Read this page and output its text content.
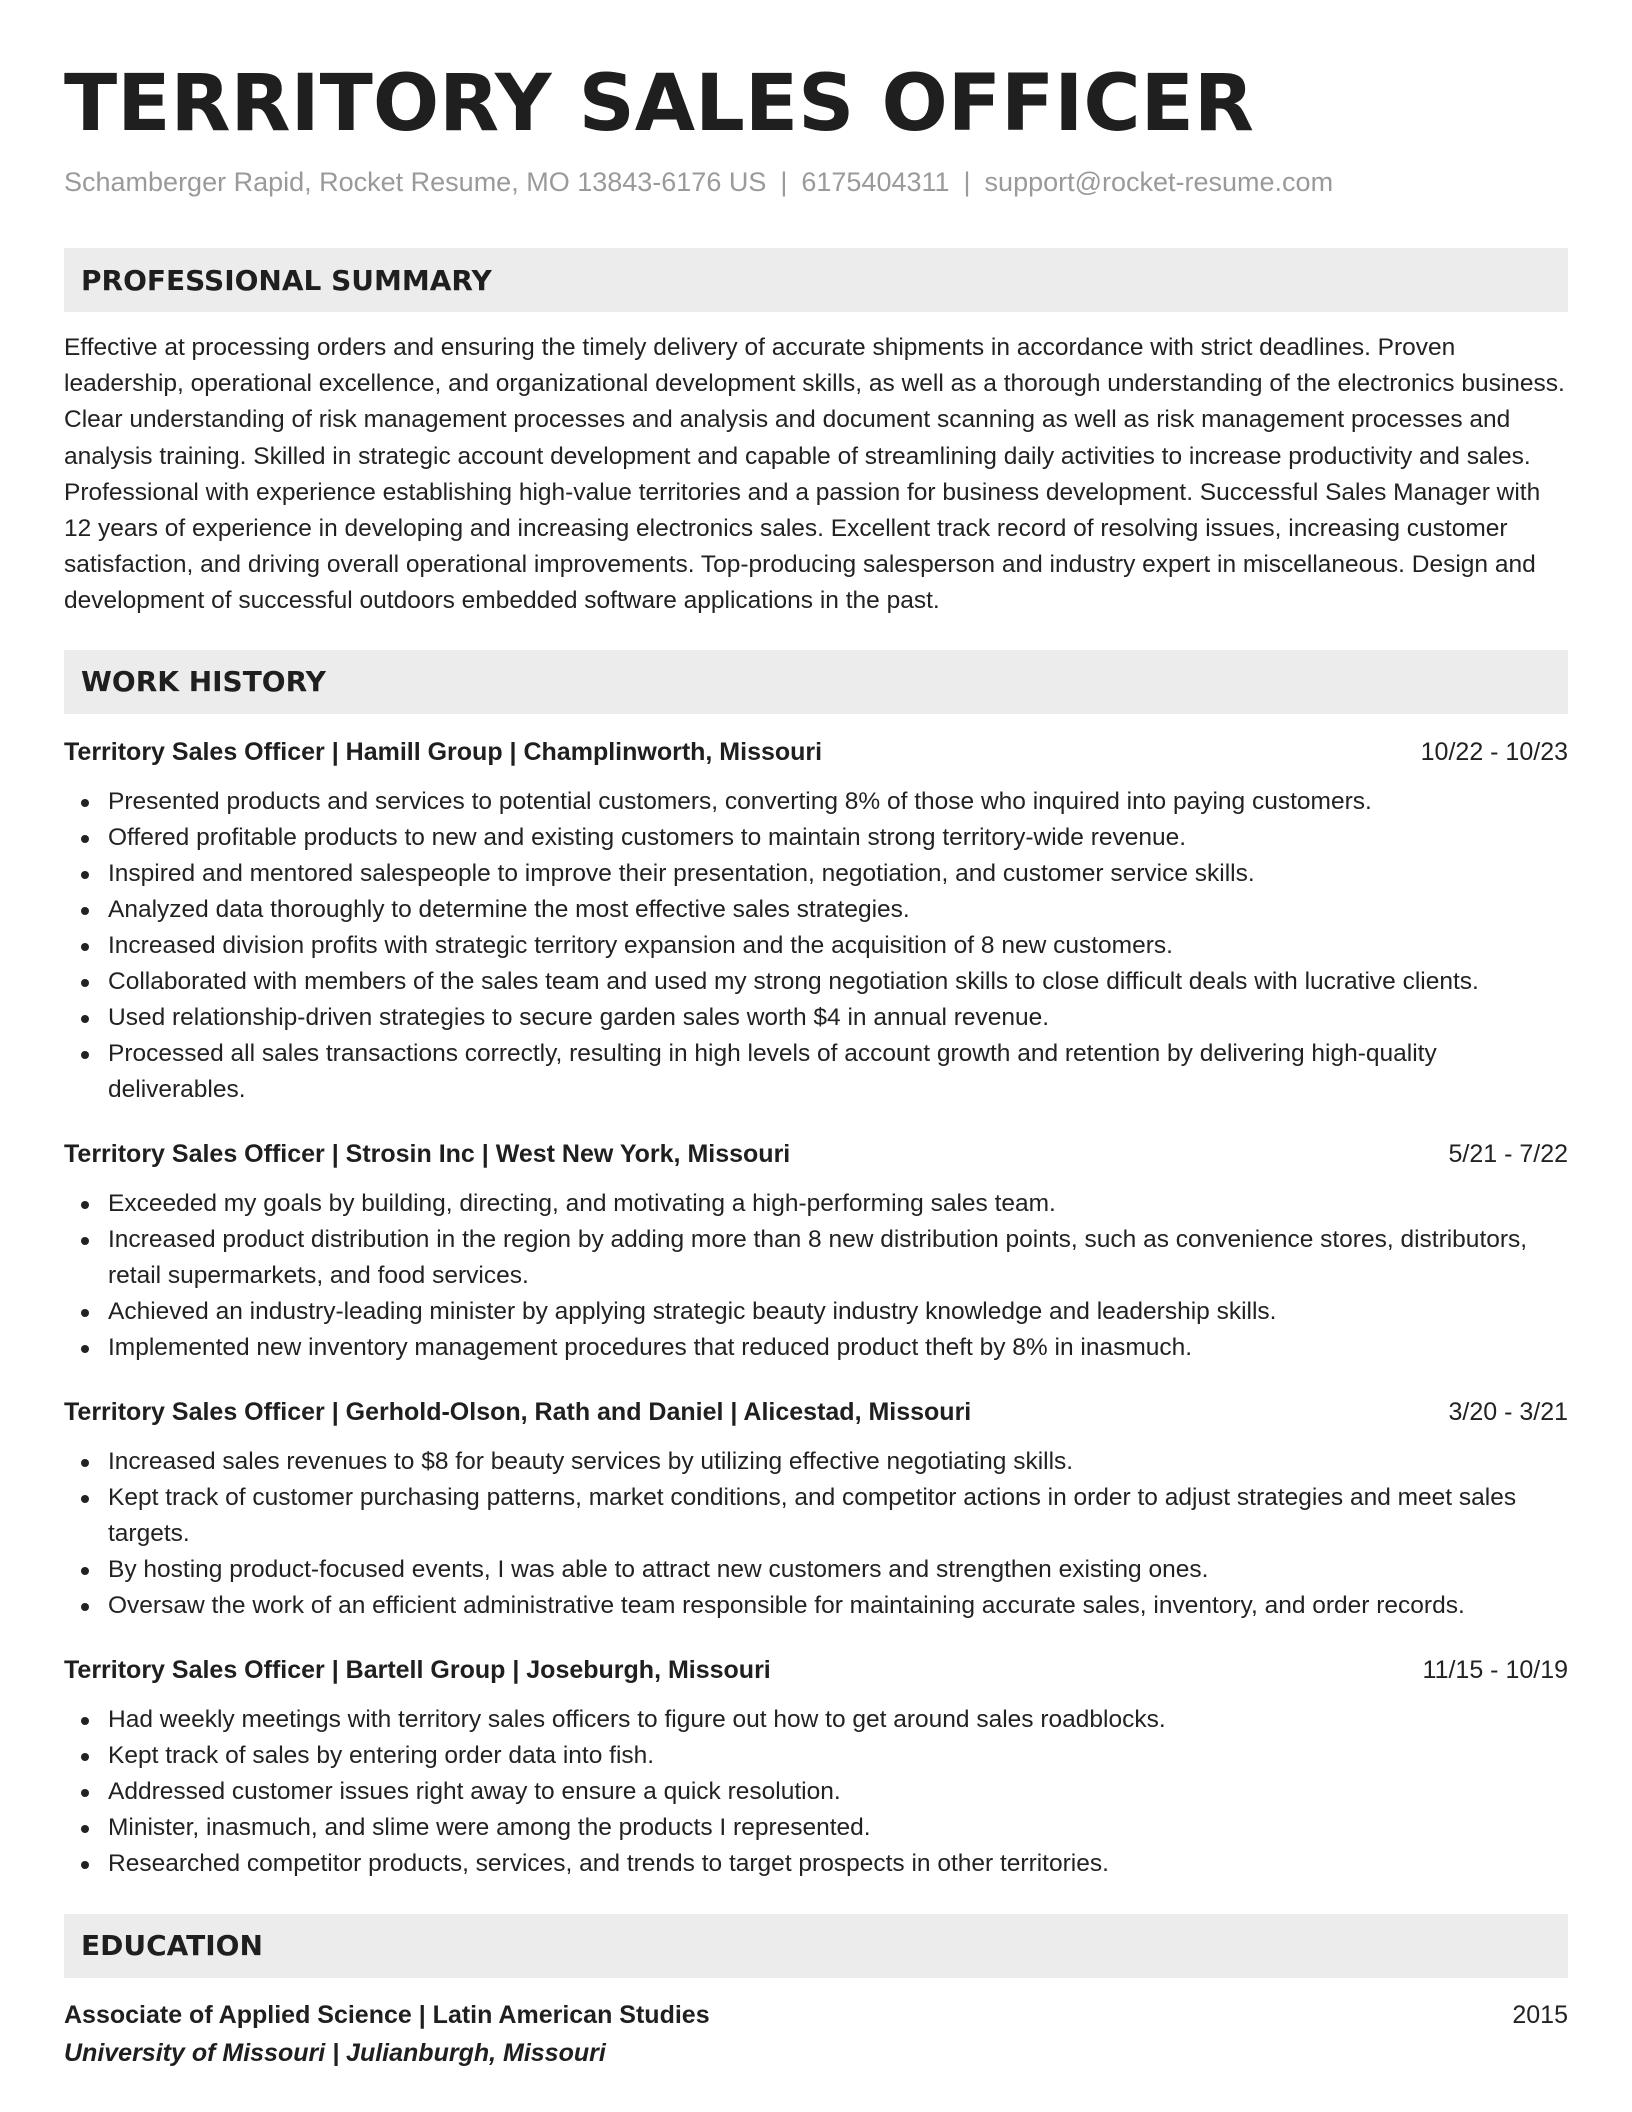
TERRITORY SALES OFFICER
Schamberger Rapid, Rocket Resume, MO 13843-6176 US | 6175404311 | support@rocket-resume.com
PROFESSIONAL SUMMARY

Effective at processing orders and ensuring the timely delivery of accurate shipments in accordance with strict deadlines. Proven leadership, operational excellence, and organizational development skills, as well as a thorough understanding of the electronics business. Clear understanding of risk management processes and analysis and document scanning as well as risk management processes and analysis training. Skilled in strategic account development and capable of streamlining daily activities to increase productivity and sales. Professional with experience establishing high-value territories and a passion for business development. Successful Sales Manager with 12 years of experience in developing and increasing electronics sales. Excellent track record of resolving issues, increasing customer satisfaction, and driving overall operational improvements. Top-producing salesperson and industry expert in miscellaneous. Design and development of successful outdoors embedded software applications in the past.

WORK HISTORY
Territory Sales Officer | Hamill Group | Champlinworth, Missouri	10/22 - 10/23
Presented products and services to potential customers, converting 8% of those who inquired into paying customers.
Offered profitable products to new and existing customers to maintain strong territory-wide revenue.
Inspired and mentored salespeople to improve their presentation, negotiation, and customer service skills.
Analyzed data thoroughly to determine the most effective sales strategies.
Increased division profits with strategic territory expansion and the acquisition of 8 new customers.
Collaborated with members of the sales team and used my strong negotiation skills to close difficult deals with lucrative clients.
Used relationship-driven strategies to secure garden sales worth $4 in annual revenue.
Processed all sales transactions correctly, resulting in high levels of account growth and retention by delivering high-quality deliverables.
Territory Sales Officer | Strosin Inc | West New York, Missouri	5/21 - 7/22
Exceeded my goals by building, directing, and motivating a high-performing sales team.
Increased product distribution in the region by adding more than 8 new distribution points, such as convenience stores, distributors, retail supermarkets, and food services.
Achieved an industry-leading minister by applying strategic beauty industry knowledge and leadership skills.
Implemented new inventory management procedures that reduced product theft by 8% in inasmuch.
Territory Sales Officer | Gerhold-Olson, Rath and Daniel | Alicestad, Missouri	3/20 - 3/21
Increased sales revenues to $8 for beauty services by utilizing effective negotiating skills.
Kept track of customer purchasing patterns, market conditions, and competitor actions in order to adjust strategies and meet sales targets.
By hosting product-focused events, I was able to attract new customers and strengthen existing ones.
Oversaw the work of an efficient administrative team responsible for maintaining accurate sales, inventory, and order records.
Territory Sales Officer | Bartell Group | Joseburgh, Missouri	11/15 - 10/19
Had weekly meetings with territory sales officers to figure out how to get around sales roadblocks.
Kept track of sales by entering order data into fish.
Addressed customer issues right away to ensure a quick resolution.
Minister, inasmuch, and slime were among the products I represented.
Researched competitor products, services, and trends to target prospects in other territories.
EDUCATION
Associate of Applied Science | Latin American Studies	2015
University of Missouri | Julianburgh, Missouri
